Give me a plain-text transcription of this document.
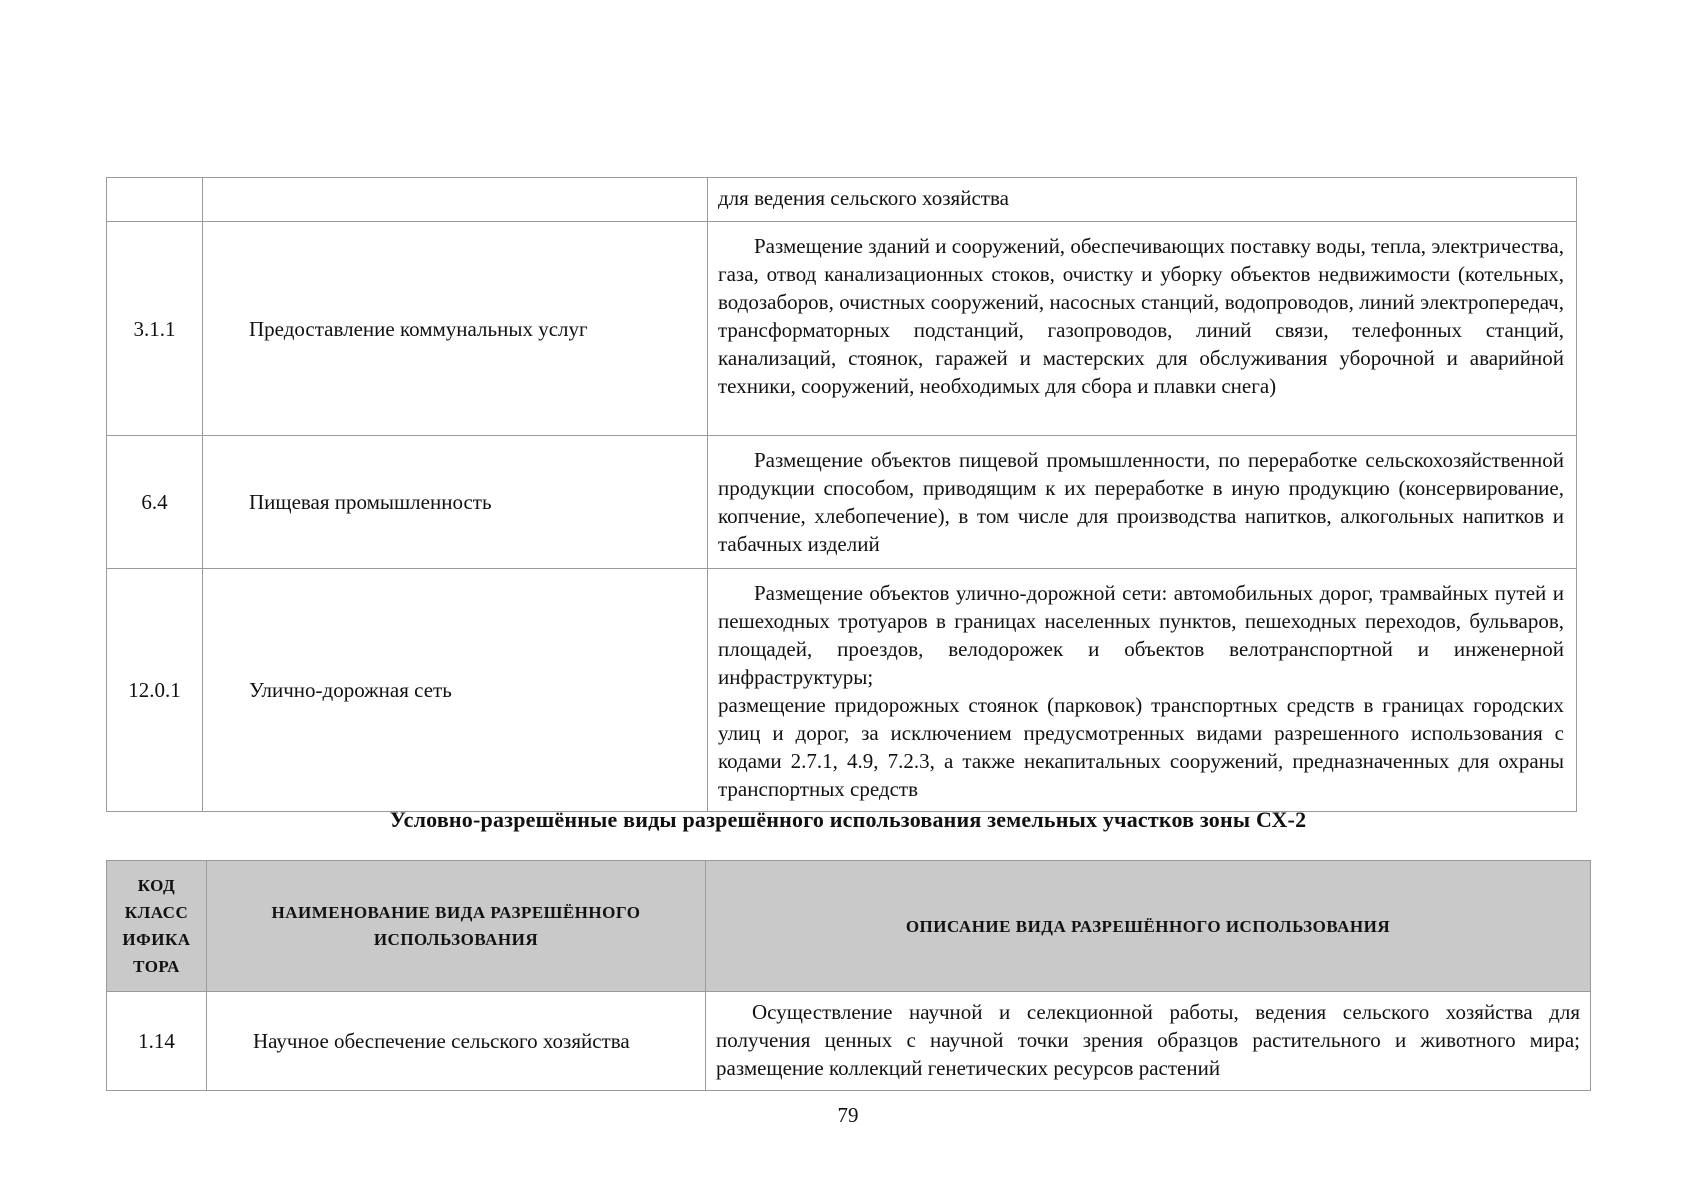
		для ведения сельского хозяйства

3.1.1	Предоставление коммунальных услуг	Размещение зданий и сооружений, обеспечивающих поставку воды, тепла, электричества, газа, отвод канализационных стоков, очистку и уборку объектов недвижимости (котельных, водозаборов, очистных сооружений, насосных станций, водопроводов, линий электропередач, трансформаторных подстанций, газопроводов, линий связи, телефонных станций, канализаций, стоянок, гаражей и мастерских для обслуживания уборочной и аварийной техники, сооружений, необходимых для сбора и плавки снега)

6.4	Пищевая промышленность	Размещение объектов пищевой промышленности, по переработке сельскохозяйственной продукции способом, приводящим к их переработке в иную продукцию (консервирование, копчение, хлебопечение), в том числе для производства напитков, алкогольных напитков и табачных изделий

12.0.1	Улично-дорожная сеть	Размещение объектов улично-дорожной сети: автомобильных дорог, трамвайных путей и пешеходных тротуаров в границах населенных пунктов, пешеходных переходов, бульваров, площадей, проездов, велодорожек и объектов велотранспортной и инженерной инфраструктуры;

размещение придорожных стоянок (парковок) транспортных средств в границах городских улиц и дорог, за исключением предусмотренных видами разрешенного использования с кодами 2.7.1, 4.9, 7.2.3, а также некапитальных сооружений, предназначенных для охраны транспортных средств

Условно-разрешённые виды разрешённого использования земельных участков зоны СХ-2
КОД КЛАСС ИФИКА ТОРА	НАИМЕНОВАНИЕ ВИДА РАЗРЕШЁННОГО ИСПОЛЬЗОВАНИЯ	ОПИСАНИЕ ВИДА РАЗРЕШЁННОГО ИСПОЛЬЗОВАНИЯ
1.14	Научное обеспечение сельского хозяйства	Осуществление научной и селекционной работы, ведения сельского хозяйства для получения ценных с научной точки зрения образцов растительного и животного мира; размещение коллекций генетических ресурсов растений

79
